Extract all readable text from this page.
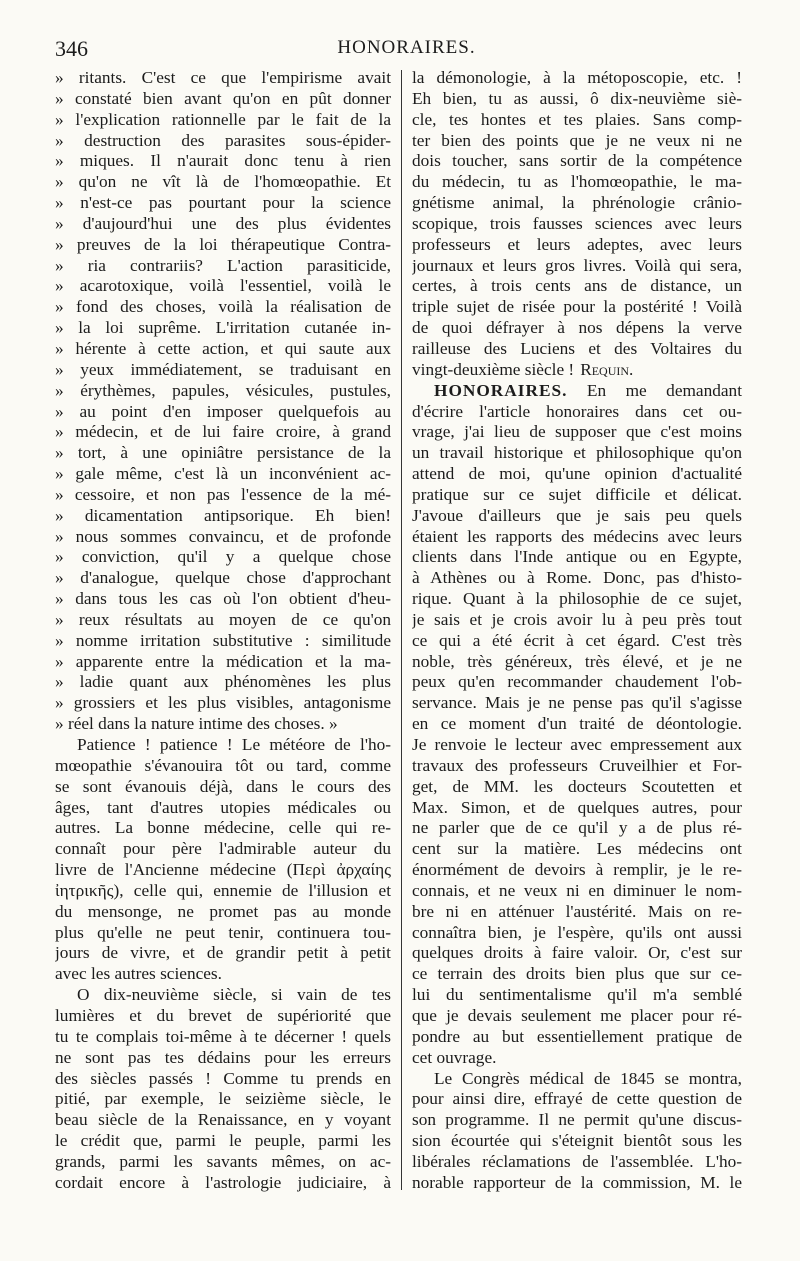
346	HONORAIRES.
» ritants. C'est ce que l'empirisme avait
» constaté bien avant qu'on en pût donner
» l'explication rationnelle par le fait de la
» destruction des parasites sous-épider-
» miques. Il n'aurait donc tenu à rien
» qu'on ne vît là de l'homœopathie. Et
» n'est-ce pas pourtant pour la science
» d'aujourd'hui une des plus évidentes
» preuves de la loi thérapeutique Contra-
» ria contrariis? L'action parasiticide,
» acarotoxique, voilà l'essentiel, voilà le
» fond des choses, voilà la réalisation de
» la loi suprême. L'irritation cutanée in-
» hérente à cette action, et qui saute aux
» yeux immédiatement, se traduisant en
» érythèmes, papules, vésicules, pustules,
» au point d'en imposer quelquefois au
» médecin, et de lui faire croire, à grand
» tort, à une opiniâtre persistance de la
» gale même, c'est là un inconvénient ac-
» cessoire, et non pas l'essence de la mé-
» dicamentation antipsorique. Eh bien!
» nous sommes convaincu, et de profonde
» conviction, qu'il y a quelque chose
» d'analogue, quelque chose d'approchant
» dans tous les cas où l'on obtient d'heu-
» reux résultats au moyen de ce qu'on
» nomme irritation substitutive : similitude
» apparente entre la médication et la ma-
» ladie quant aux phénomènes les plus
» grossiers et les plus visibles, antagonisme
» réel dans la nature intime des choses. »
Patience ! patience ! Le météore de l'ho-
mœopathie s'évanouira tôt ou tard, comme
se sont évanouis déjà, dans le cours des
âges, tant d'autres utopies médicales ou
autres. La bonne médecine, celle qui re-
connaît pour père l'admirable auteur du
livre de l'Ancienne médecine (Περὶ ἀρχαίης
ἰητρικῆς), celle qui, ennemie de l'illusion et
du mensonge, ne promet pas au monde
plus qu'elle ne peut tenir, continuera tou-
jours de vivre, et de grandir petit à petit
avec les autres sciences.
O dix-neuvième siècle, si vain de tes
lumières et du brevet de supériorité que
tu te complais toi-même à te décerner ! quels
ne sont pas tes dédains pour les erreurs
des siècles passés ! Comme tu prends en
pitié, par exemple, le seizième siècle, le
beau siècle de la Renaissance, en y voyant
le crédit que, parmi le peuple, parmi les
grands, parmi les savants mêmes, on ac-
cordait encore à l'astrologie judiciaire, à
la démonologie, à la métoposcopie, etc. !
Eh bien, tu as aussi, ô dix-neuvième siè-
cle, tes hontes et tes plaies. Sans comp-
ter bien des points que je ne veux ni ne
dois toucher, sans sortir de la compétence
du médecin, tu as l'homœopathie, le ma-
gnétisme animal, la phrénologie crânio-
scopique, trois fausses sciences avec leurs
professeurs et leurs adeptes, avec leurs
journaux et leurs gros livres. Voilà qui sera,
certes, à trois cents ans de distance, un
triple sujet de risée pour la postérité ! Voilà
de quoi défrayer à nos dépens la verve
railleuse des Luciens et des Voltaires du
vingt-deuxième siècle ! Requin.
HONORAIRES. En me demandant
d'écrire l'article honoraires dans cet ou-
vrage, j'ai lieu de supposer que c'est moins
un travail historique et philosophique qu'on
attend de moi, qu'une opinion d'actualité
pratique sur ce sujet difficile et délicat.
J'avoue d'ailleurs que je sais peu quels
étaient les rapports des médecins avec leurs
clients dans l'Inde antique ou en Egypte,
à Athènes ou à Rome. Donc, pas d'histo-
rique. Quant à la philosophie de ce sujet,
je sais et je crois avoir lu à peu près tout
ce qui a été écrit à cet égard. C'est très
noble, très généreux, très élevé, et je ne
peux qu'en recommander chaudement l'ob-
servance. Mais je ne pense pas qu'il s'agisse
en ce moment d'un traité de déontologie.
Je renvoie le lecteur avec empressement aux
travaux des professeurs Cruveilhier et For-
get, de MM. les docteurs Scoutetten et
Max. Simon, et de quelques autres, pour
ne parler que de ce qu'il y a de plus ré-
cent sur la matière. Les médecins ont
énormément de devoirs à remplir, je le re-
connais, et ne veux ni en diminuer le nom-
bre ni en atténuer l'austérité. Mais on re-
connaîtra bien, je l'espère, qu'ils ont aussi
quelques droits à faire valoir. Or, c'est sur
ce terrain des droits bien plus que sur ce-
lui du sentimentalisme qu'il m'a semblé
que je devais seulement me placer pour ré-
pondre au but essentiellement pratique de
cet ouvrage.
Le Congrès médical de 1845 se montra,
pour ainsi dire, effrayé de cette question de
son programme. Il ne permit qu'une discus-
sion écourtée qui s'éteignit bientôt sous les
libérales réclamations de l'assemblée. L'ho-
norable rapporteur de la commission, M. le
